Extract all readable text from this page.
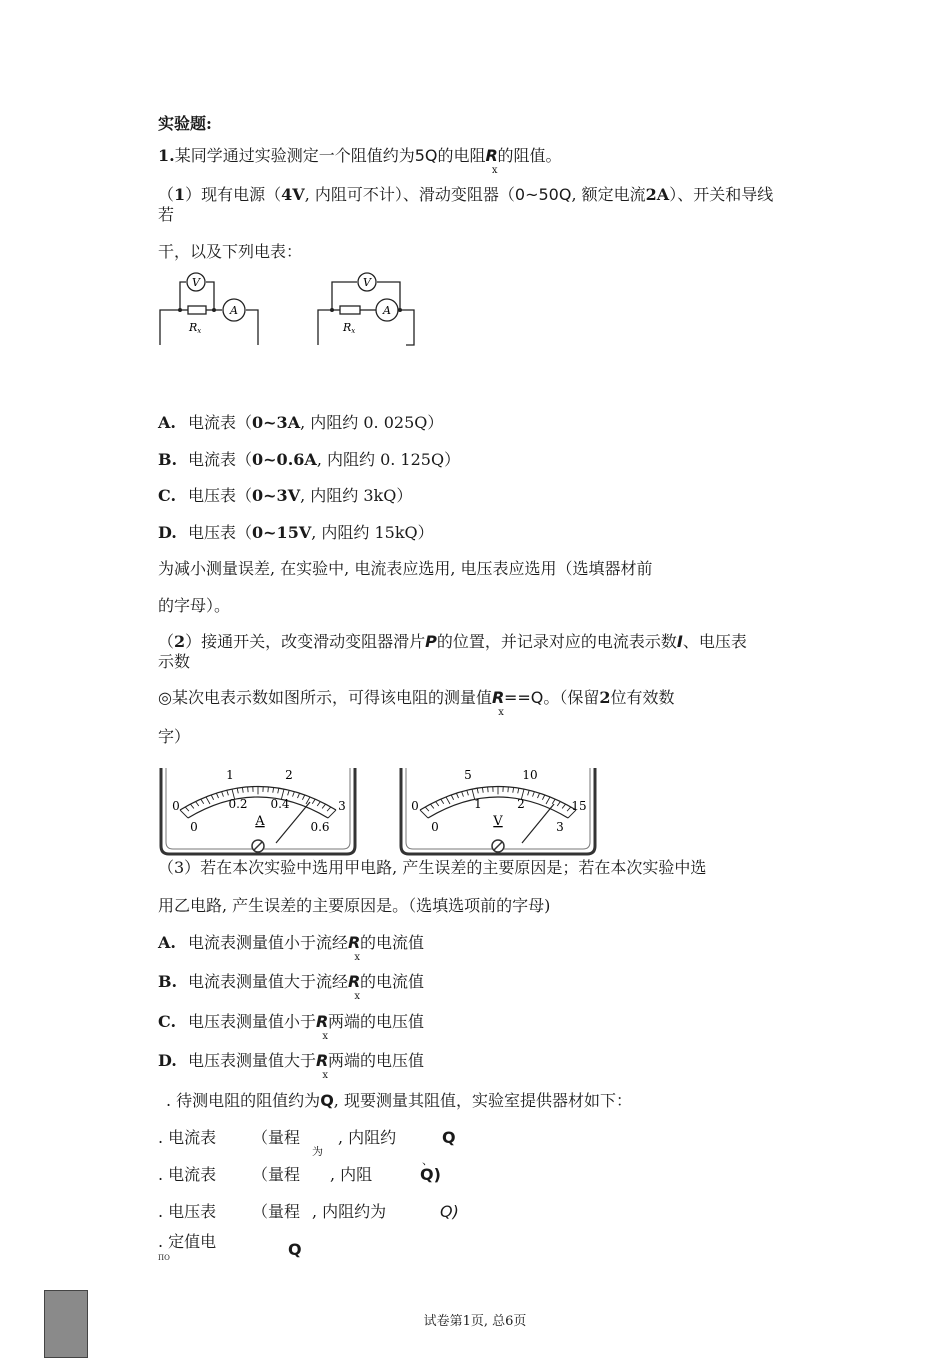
实验题:
1.某同学通过实验测定一个阻值约为5Q的电阻$R_x$的阻值。
（1）现有电源（4V, 内阻可不计）、滑动变阻器（0~50Q, 额定电流2A）、开关和导线
若
干，以及下列电表：
V
A
Rx
V
A
Rx
A. 电流表（0~3A, 内阻约 0. 025Q）
B. 电流表（0~0.6A, 内阻约 0. 125Q）
C. 电压表（0~3V, 内阻约 3kQ）
D. 电压表（0~15V, 内阻约 15kQ）
为减小测量误差, 在实验中, 电流表应选用, 电压表应选用（选填器材前
的字母）。
（2）接通开关，改变滑动变阻器滑片P的位置，并记录对应的电流表示数I、电压表
示数
◎某次电表示数如图所示，可得该电阻的测量值$R_x==Q$。（保留2位有效数
字）
0
1	2
3
0
0.2 0.4
0.6
A
0
5	10
15
0
1	2
3
V
（3）若在本次实验中选用甲电路, 产生误差的主要原因是；若在本次实验中选
用乙电路, 产生误差的主要原因是。（选填选项前的字母)
A. 电流表测量值小于流经$R_x$的电流值
B. 电流表测量值大于流经$R_x$的电流值
C. 电压表测量值小于$R_x$两端的电压值
D. 电压表测量值大于$R_x$两端的电压值
. 待测电阻的阻值约为Q, 现要测量其阻值，实验室提供器材如下：
. 电流表 （量程 , 内阻约	Q
为
. 电流表 （量程 , 内阻	Q)
、
. 电压表 （量程 , 内阻约为	Q)
. 定值电	Q
ПО
试卷第1页, 总6页
